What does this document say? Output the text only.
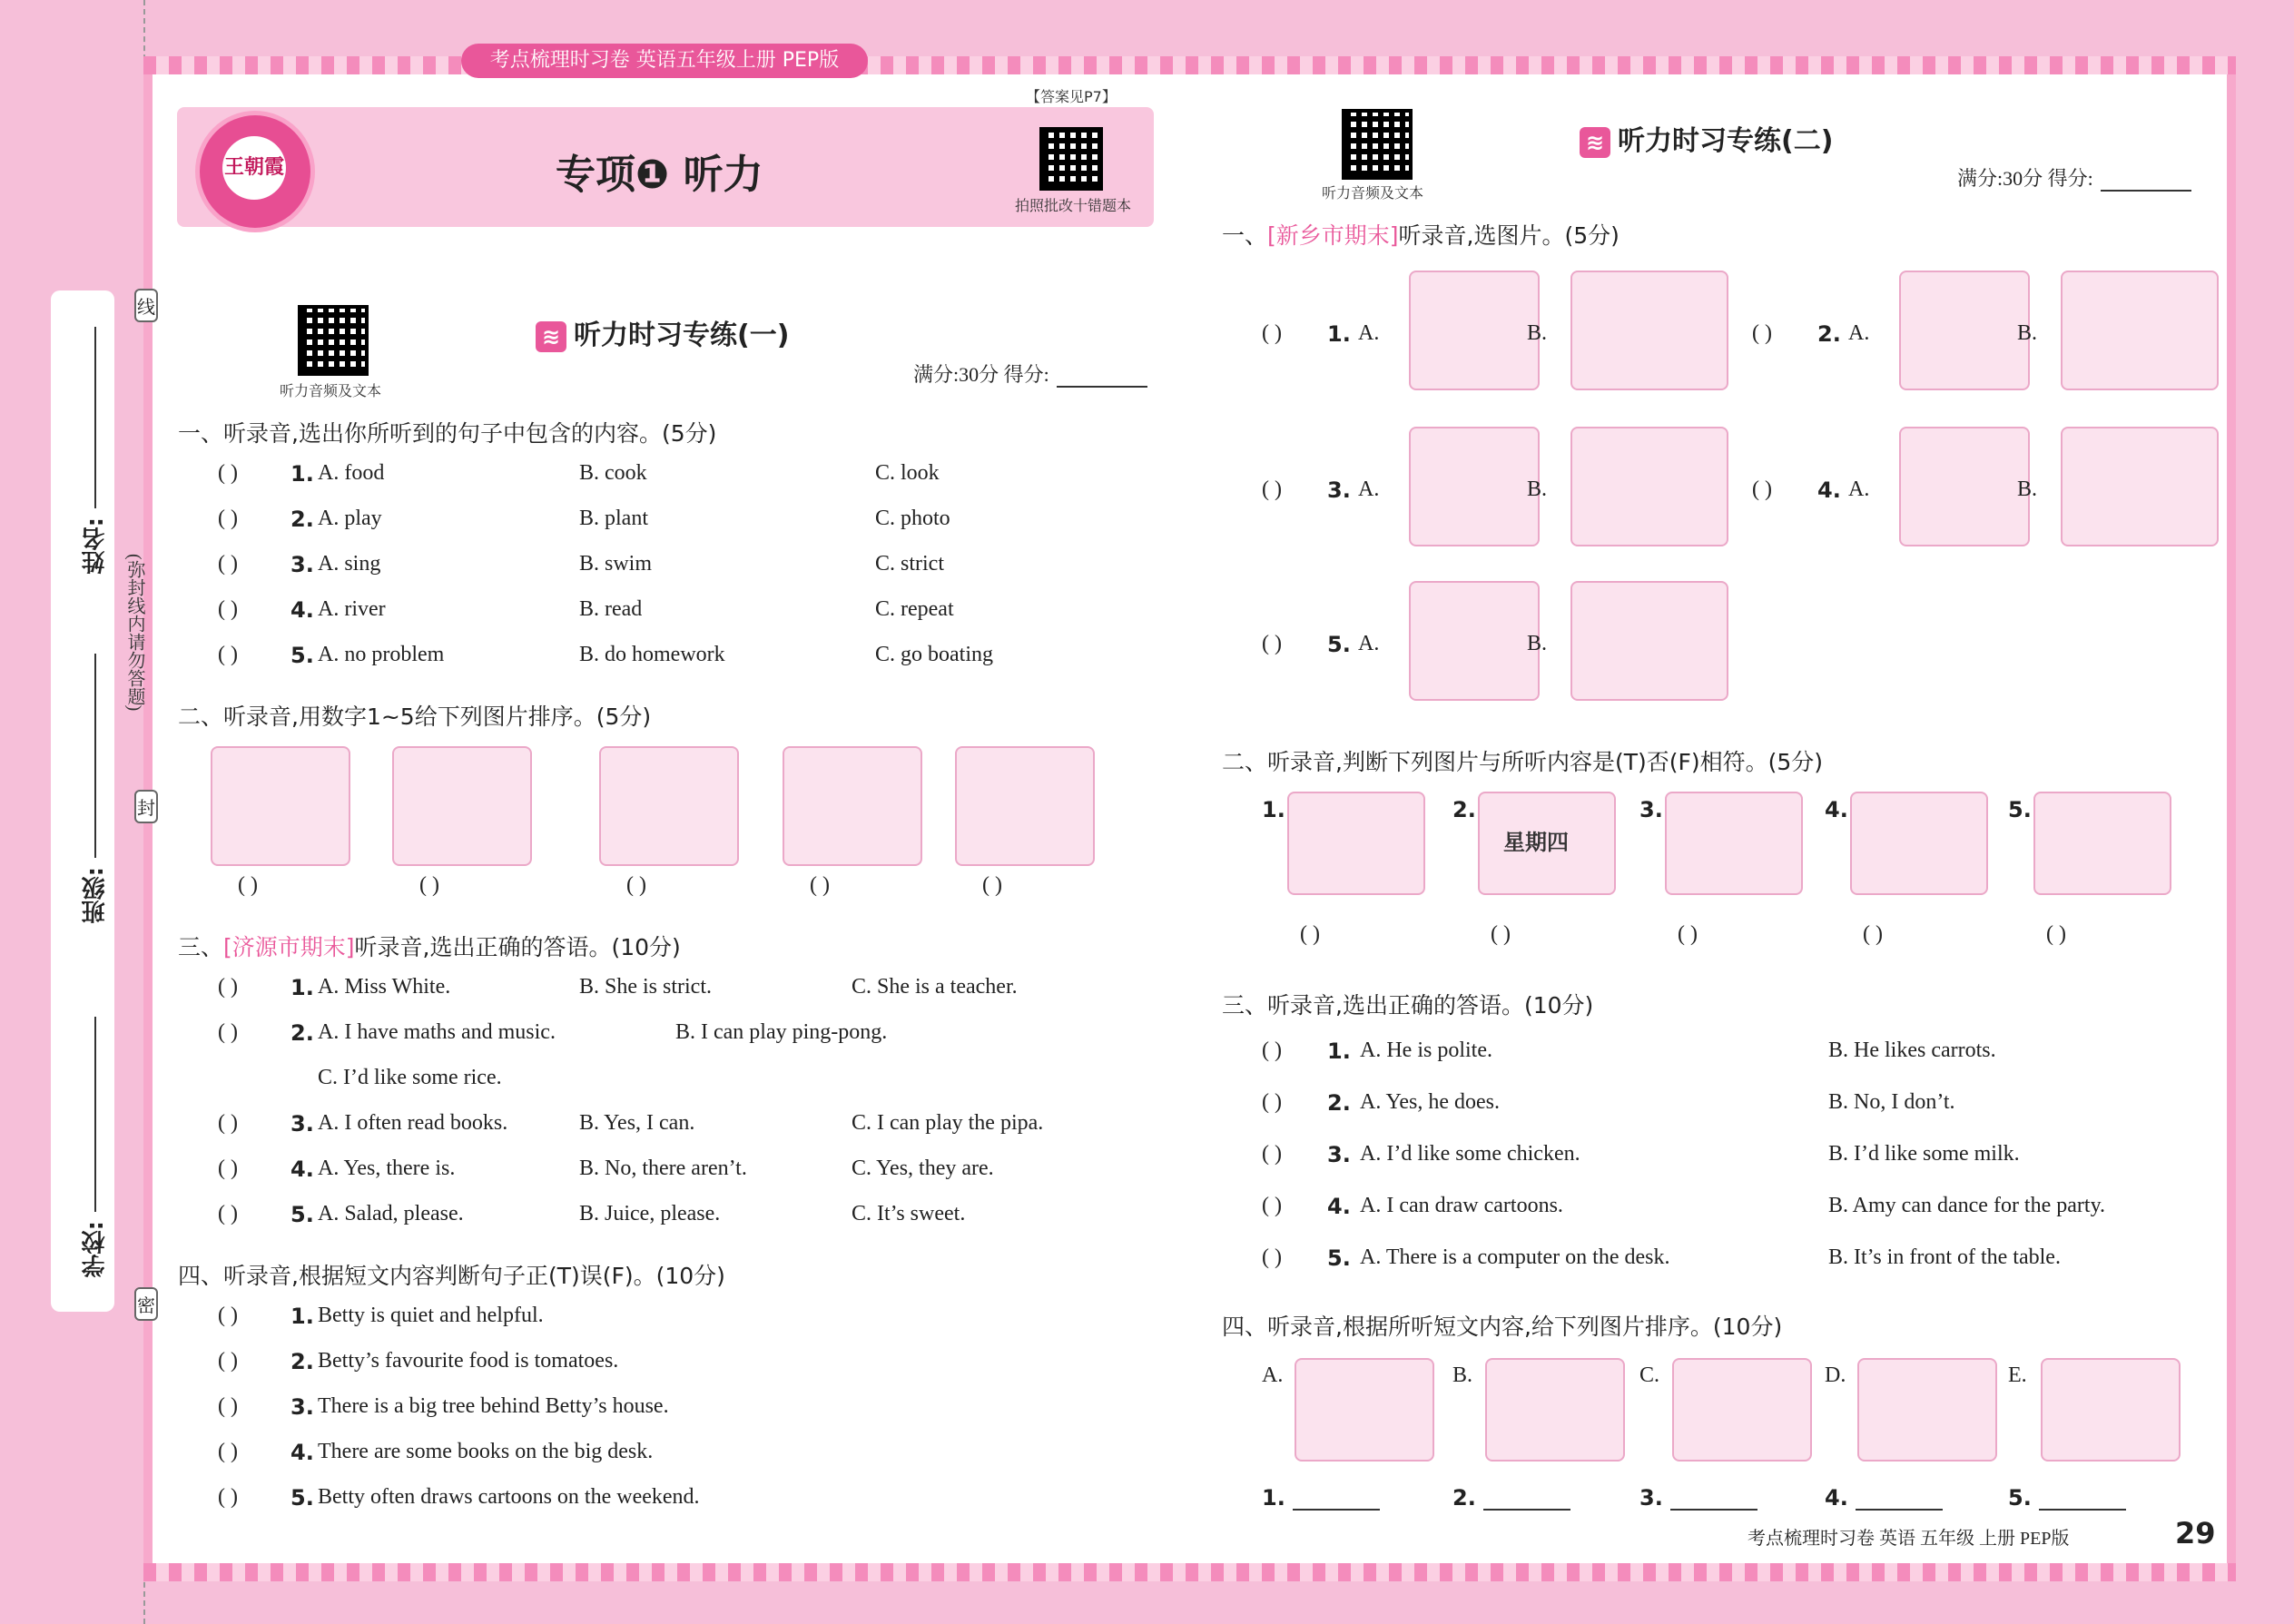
姓名:
班级:
学校:
(弥封线内请勿答题)
线
封
密
考点梳理时习卷 英语五年级上册 PEP版
王朝霞	专项❶ 听力
【答案见P7】
拍照批改十错题本
听力音频及文本
≋ 听力时习专练(一)
满分:30分 得分:
一、听录音,选出你所听到的句子中包含的内容。(5分)
( ) 1. A. food	B. cook	C. look
( ) 2. A. play	B. plant	C. photo
( ) 3. A. sing	B. swim	C. strict
( ) 4. A. river	B. read	C. repeat
( ) 5. A. no problem	B. do homework	C. go boating
二、听录音,用数字1~5给下列图片排序。(5分)
( )	( )	( )	( )	( )
三、[济源市期末]听录音,选出正确的答语。(10分)
( ) 1. A. Miss White.	B. She is strict.	C. She is a teacher.
( ) 2. A. I have maths and music.	B. I can play ping-pong.
C. I’d like some rice.
( ) 3. A. I often read books.	B. Yes, I can.	C. I can play the pipa.
( ) 4. A. Yes, there is.	B. No, there aren’t.	C. Yes, they are.
( ) 5. A. Salad, please.	B. Juice, please.	C. It’s sweet.
四、听录音,根据短文内容判断句子正(T)误(F)。(10分)
( ) 1. Betty is quiet and helpful.
( ) 2. Betty’s favourite food is tomatoes.
( ) 3. There is a big tree behind Betty’s house.
( ) 4. There are some books on the big desk.
( ) 5. Betty often draws cartoons on the weekend.
听力音频及文本
≋ 听力时习专练(二)
满分:30分 得分:
一、[新乡市期末]听录音,选图片。(5分)
( ) 1. A.	B.	( ) 2. A.	B.
( ) 3. A.	B.	( ) 4. A.	B.
( ) 5. A.	B.
二、听录音,判断下列图片与所听内容是(T)否(F)相符。(5分)
1.
( )
2.
星期四
( )
3.
( )
4.
( )
5.
( )
三、听录音,选出正确的答语。(10分)
( ) 1. A. He is polite.	B. He likes carrots.
( ) 2. A. Yes, he does.	B. No, I don’t.
( ) 3. A. I’d like some chicken.	B. I’d like some milk.
( ) 4. A. I can draw cartoons.	B. Amy can dance for the party.
( ) 5. A. There is a computer on the desk.	B. It’s in front of the table.
四、听录音,根据所听短文内容,给下列图片排序。(10分)
A.	B.	C.	D.	E.
1.	2.	3.	4.	5.
考点梳理时习卷 英语 五年级 上册 PEP版	29
